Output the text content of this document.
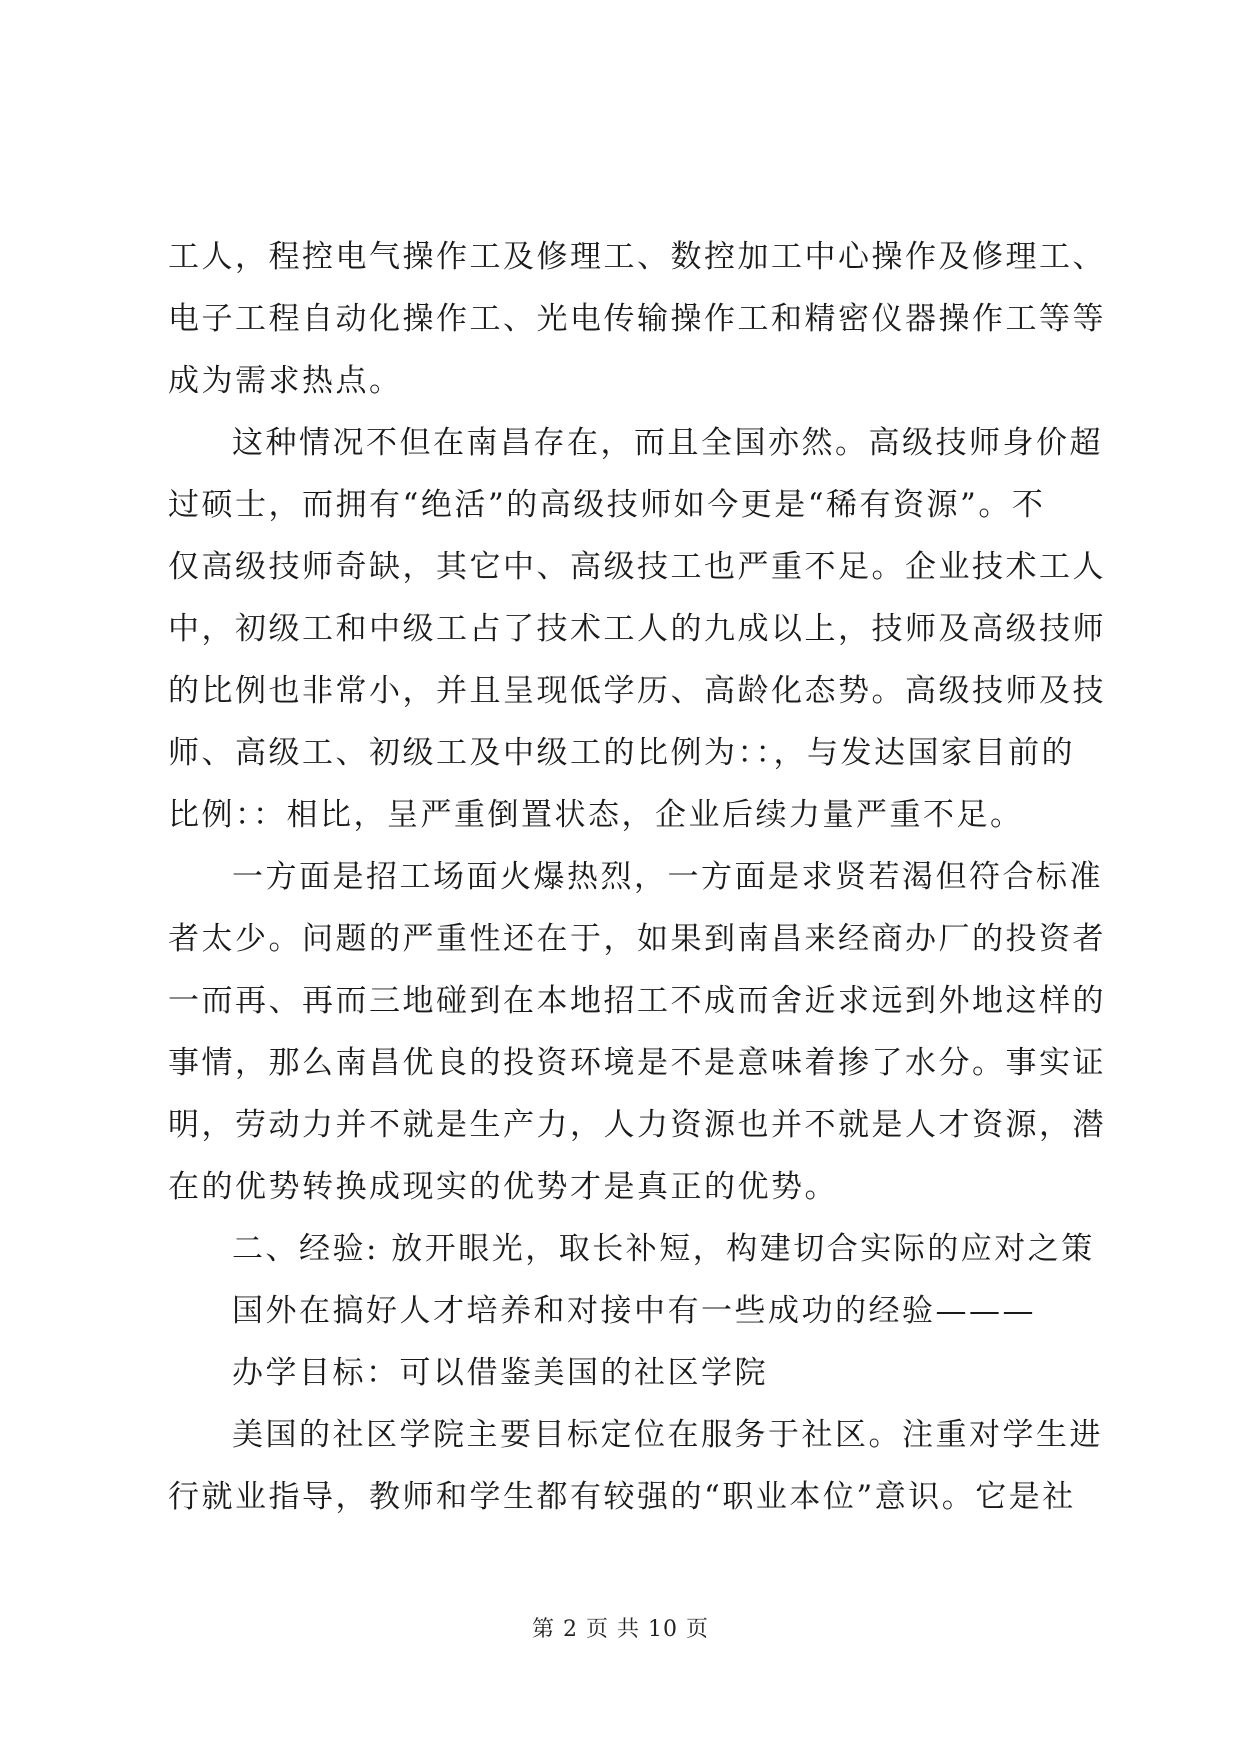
工人，程控电气操作工及修理工、数控加工中心操作及修理工、
电子工程自动化操作工、光电传输操作工和精密仪器操作工等等
成为需求热点。
这种情况不但在南昌存在，而且全国亦然。高级技师身价超
过硕士，而拥有“绝活”的高级技师如今更是“稀有资源”。不
仅高级技师奇缺，其它中、高级技工也严重不足。企业技术工人
中，初级工和中级工占了技术工人的九成以上，技师及高级技师
的比例也非常小，并且呈现低学历、高龄化态势。高级技师及技
师、高级工、初级工及中级工的比例为：：，与发达国家目前的
比例：：相比，呈严重倒置状态，企业后续力量严重不足。
一方面是招工场面火爆热烈，一方面是求贤若渴但符合标准
者太少。问题的严重性还在于，如果到南昌来经商办厂的投资者
一而再、再而三地碰到在本地招工不成而舍近求远到外地这样的
事情，那么南昌优良的投资环境是不是意味着掺了水分。事实证
明，劳动力并不就是生产力，人力资源也并不就是人才资源，潜
在的优势转换成现实的优势才是真正的优势。
二、经验: 放开眼光，取长补短，构建切合实际的应对之策
国外在搞好人才培养和对接中有一些成功的经验———
办学目标：可以借鉴美国的社区学院
美国的社区学院主要目标定位在服务于社区。注重对学生进
行就业指导，教师和学生都有较强的“职业本位”意识。它是社
第 2 页 共 10 页
